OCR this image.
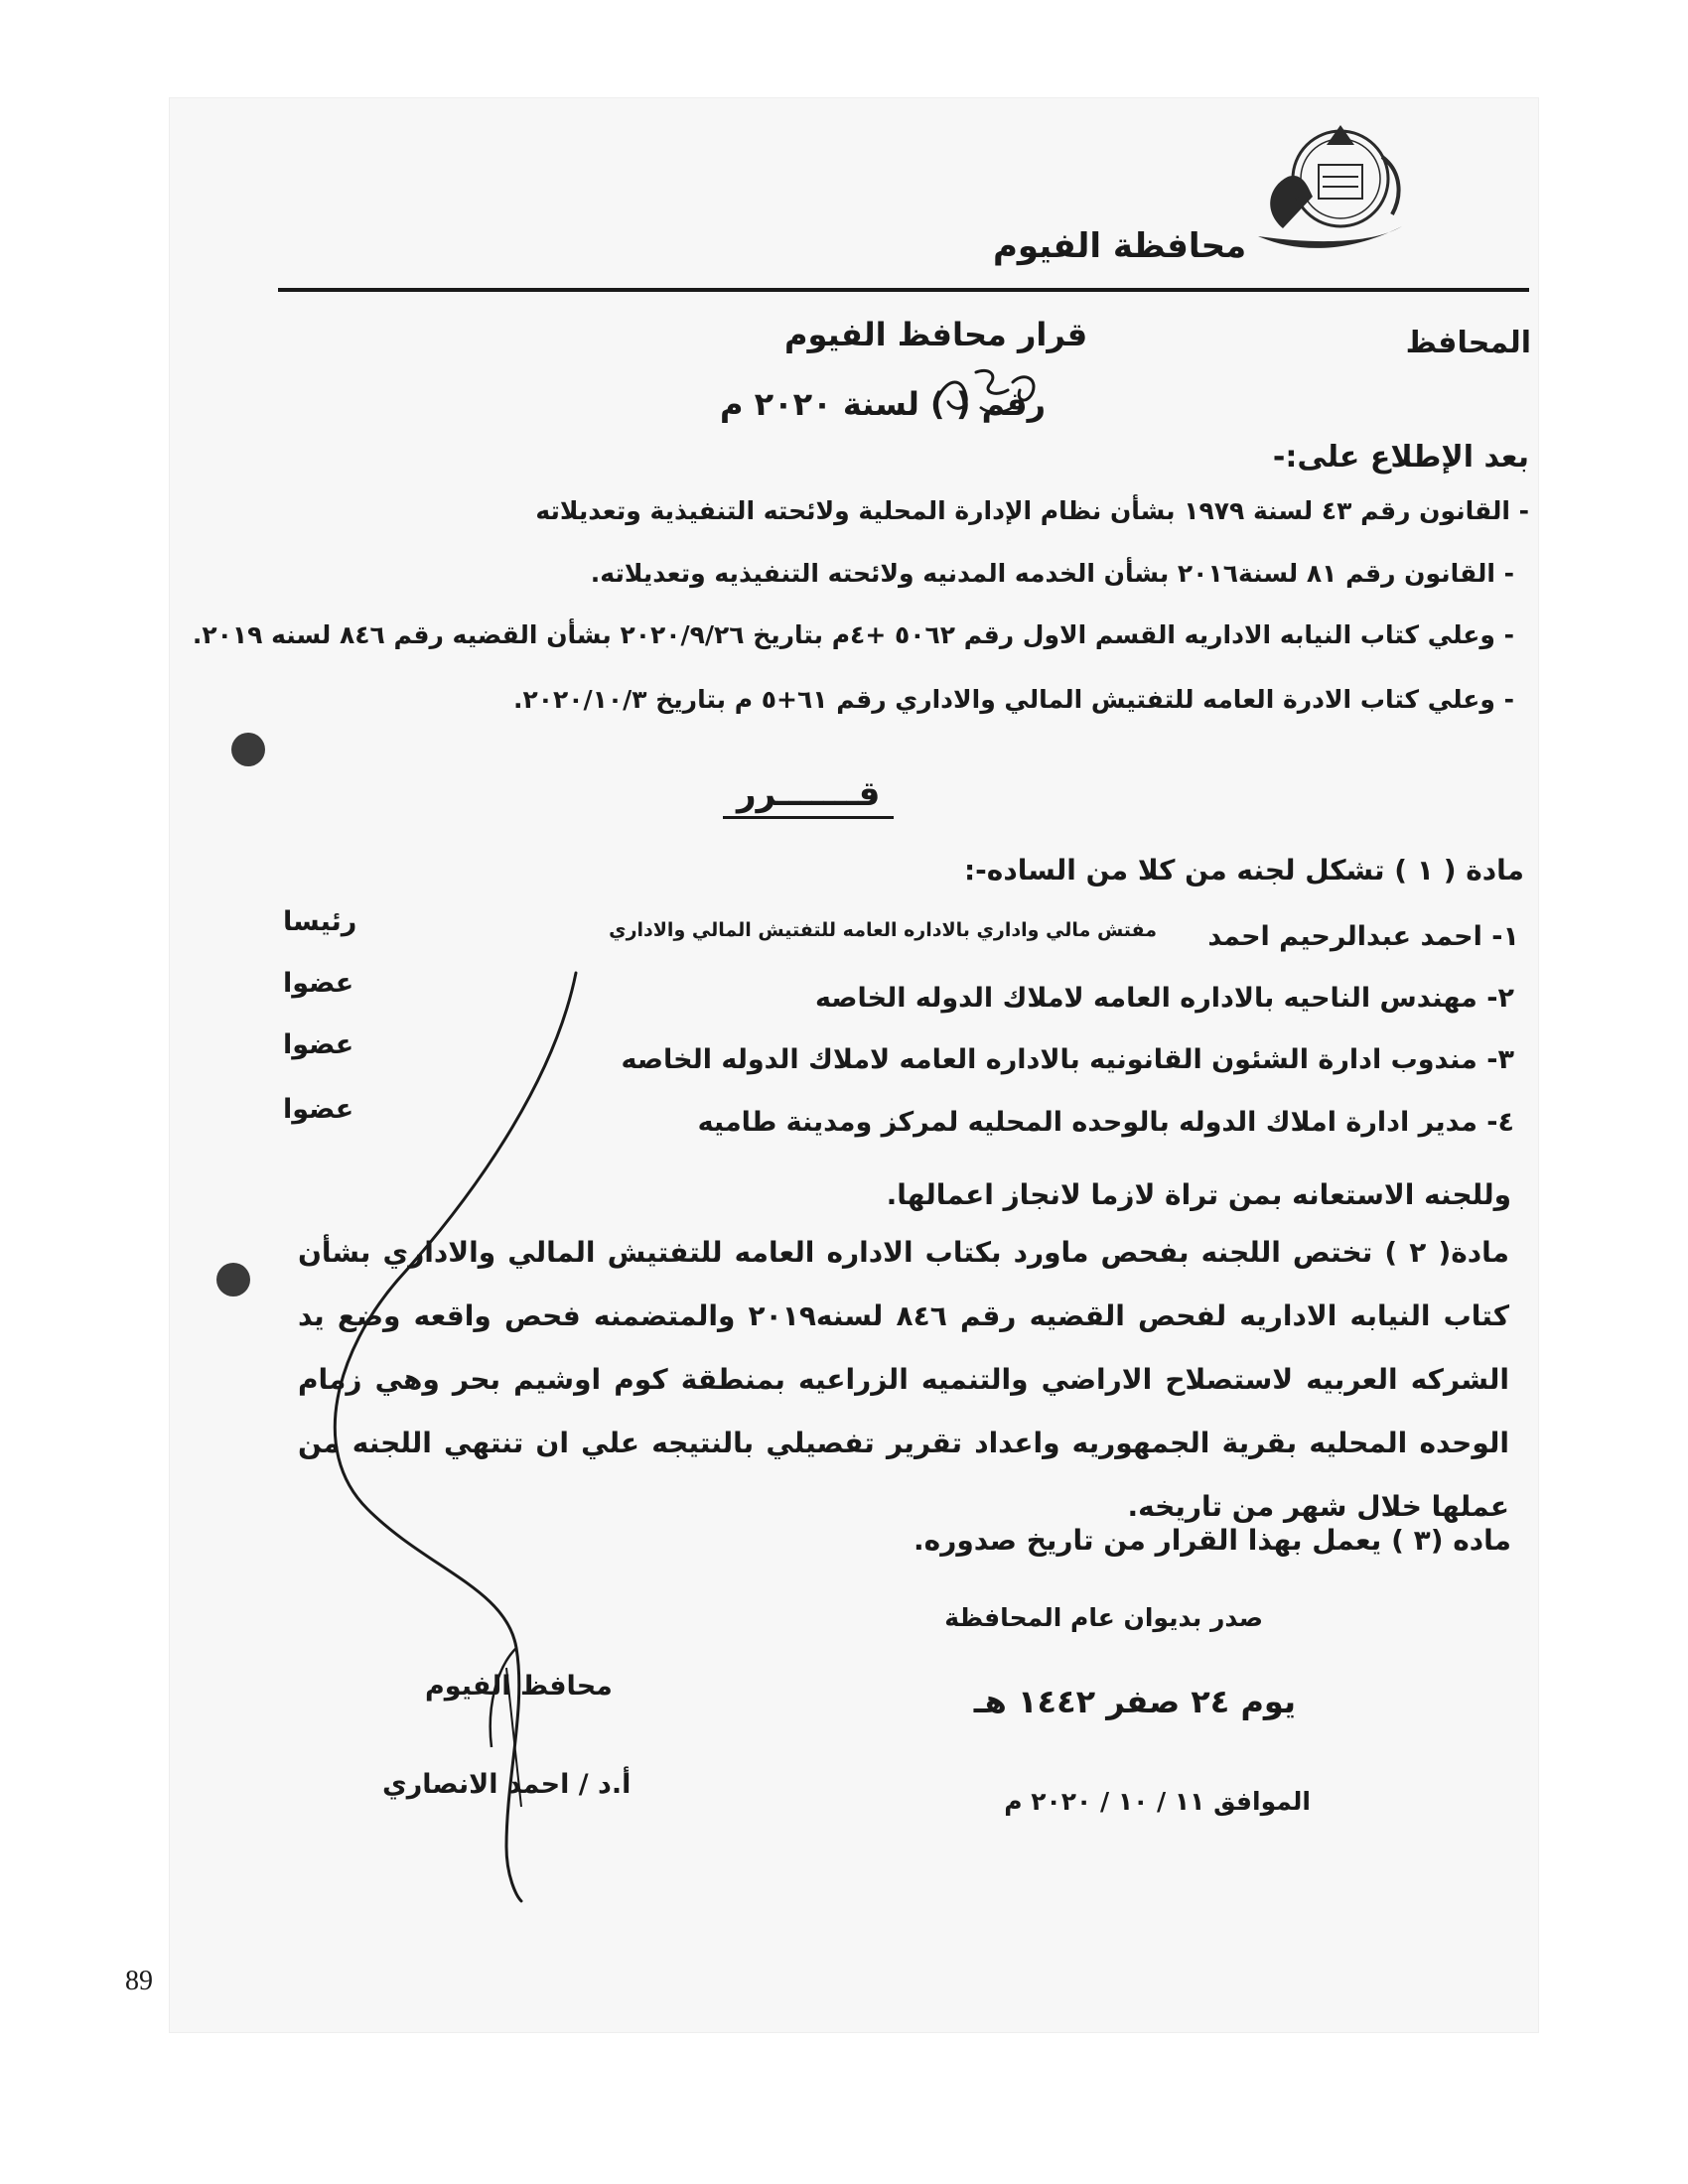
محافظة الفيوم
المحافظ
قرار محافظ الفيوم
رقم ( ) لسنة ٢٠٢٠ م
بعد الإطلاع على:-
- القانون رقم ٤٣ لسنة ١٩٧٩ بشأن نظام الإدارة المحلية ولائحته التنفيذية وتعديلاته
- القانون رقم ٨١ لسنة٢٠١٦ بشأن الخدمه المدنيه ولائحته التنفيذيه وتعديلاته.
- وعلي كتاب النيابه الاداريه القسم الاول رقم ٥٠٦٢ +٤م بتاريخ ٢٠٢٠/٩/٢٦ بشأن القضيه رقم ٨٤٦ لسنه ٢٠١٩.
- وعلي كتاب الادرة العامه للتفتيش المالي والاداري رقم ٦١+٥ م بتاريخ ٢٠٢٠/١٠/٣.
قـــــــرر
مادة ( ١ ) تشكل لجنه من كلا من الساده-:
١- احمد عبدالرحيم احمد
مفتش مالي واداري بالاداره العامه للتفتيش المالي والاداري
رئيسا
٢- مهندس الناحيه بالاداره العامه لاملاك الدوله الخاصه
عضوا
٣- مندوب ادارة الشئون القانونيه بالاداره العامه لاملاك الدوله الخاصه
عضوا
٤- مدير ادارة املاك الدوله بالوحده المحليه لمركز ومدينة طاميه
عضوا
وللجنه الاستعانه بمن تراة لازما لانجاز اعمالها.
مادة( ٢ ) تختص اللجنه بفحص ماورد بكتاب الاداره العامه للتفتيش المالي والاداري بشأن كتاب النيابه الاداريه لفحص القضيه رقم ٨٤٦ لسنه٢٠١٩ والمتضمنه فحص واقعه وضع يد الشركه العربيه لاستصلاح الاراضي والتنميه الزراعيه بمنطقة كوم اوشيم بحر وهي زمام الوحده المحليه بقرية الجمهوريه واعداد تقرير تفصيلي بالنتيجه علي ان تنتهي اللجنه من عملها خلال شهر من تاريخه.
ماده (٣ ) يعمل بهذا القرار من تاريخ صدوره.
صدر بديوان عام المحافظة
يوم ٢٤ صفر ١٤٤٢ هـ
الموافق ١١ / ١٠ / ٢٠٢٠ م
محافظ الفيوم
أ.د / احمد الانصاري
89
